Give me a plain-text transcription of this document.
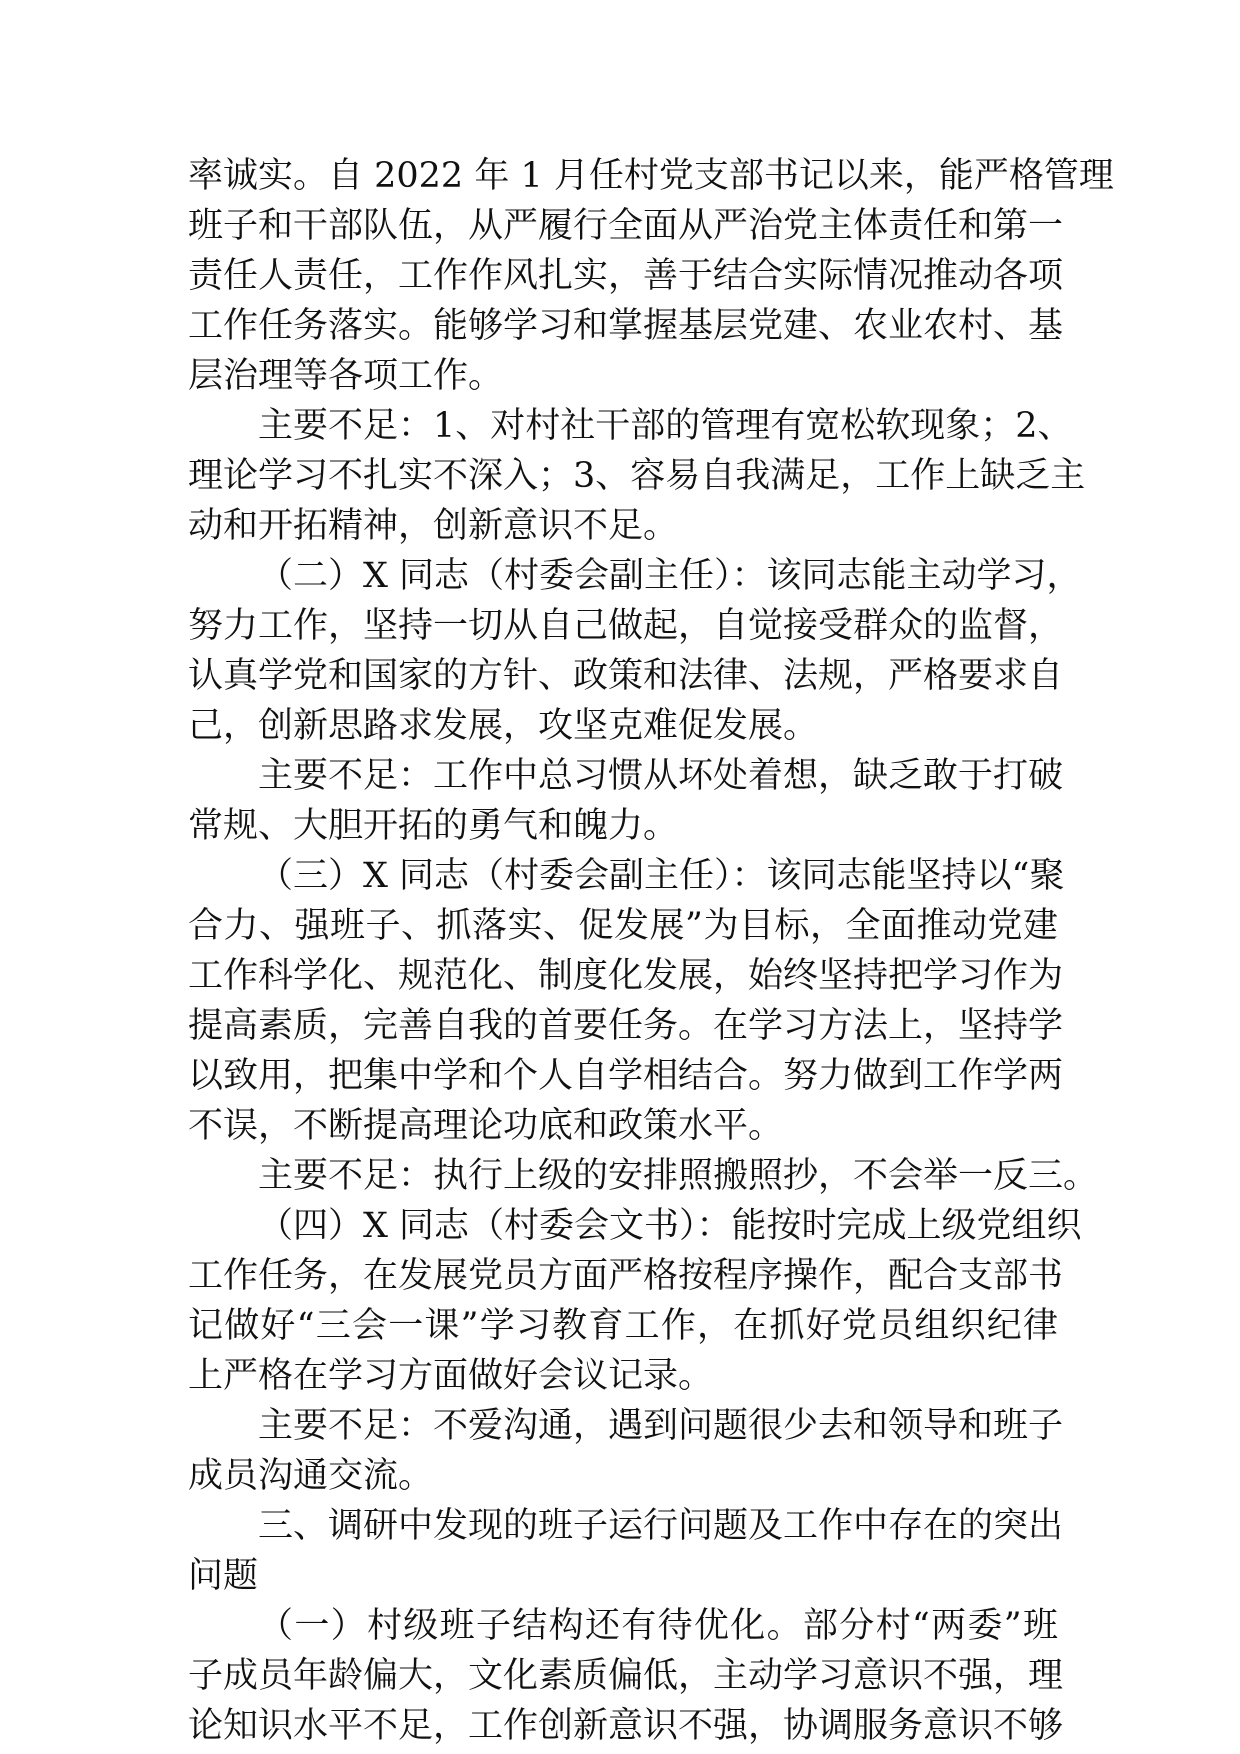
率诚实。自 2022 年 1 月任村党支部书记以来，能严格管理
班子和干部队伍，从严履行全面从严治党主体责任和第一
责任人责任，工作作风扎实，善于结合实际情况推动各项
工作任务落实。能够学习和掌握基层党建、农业农村、基
层治理等各项工作。
主要不足：1、对村社干部的管理有宽松软现象；2、
理论学习不扎实不深入；3、容易自我满足，工作上缺乏主
动和开拓精神，创新意识不足。
（二）X 同志（村委会副主任）：该同志能主动学习，
努力工作，坚持一切从自己做起，自觉接受群众的监督，
认真学党和国家的方针、政策和法律、法规，严格要求自
己，创新思路求发展，攻坚克难促发展。
主要不足：工作中总习惯从坏处着想，缺乏敢于打破
常规、大胆开拓的勇气和魄力。
（三）X 同志（村委会副主任）：该同志能坚持以“聚
合力、强班子、抓落实、促发展”为目标，全面推动党建
工作科学化、规范化、制度化发展，始终坚持把学习作为
提高素质，完善自我的首要任务。在学习方法上，坚持学
以致用，把集中学和个人自学相结合。努力做到工作学两
不误，不断提高理论功底和政策水平。
主要不足：执行上级的安排照搬照抄，不会举一反三。
（四）X 同志（村委会文书）：能按时完成上级党组织
工作任务，在发展党员方面严格按程序操作，配合支部书
记做好“三会一课”学习教育工作，在抓好党员组织纪律
上严格在学习方面做好会议记录。
主要不足：不爱沟通，遇到问题很少去和领导和班子
成员沟通交流。
三、调研中发现的班子运行问题及工作中存在的突出
问题
（一）村级班子结构还有待优化。部分村“两委”班
子成员年龄偏大，文化素质偏低，主动学习意识不强，理
论知识水平不足，工作创新意识不强，协调服务意识不够
